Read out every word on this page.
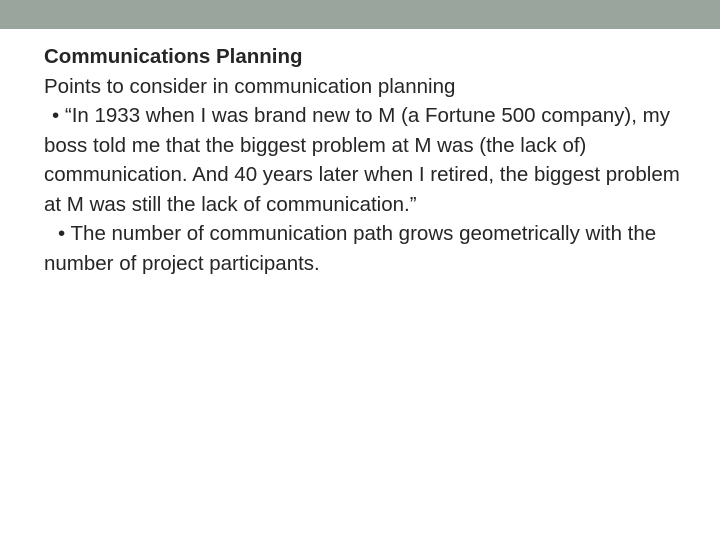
Communications Planning

Points to consider in communication planning

• “In 1933 when I was brand new to M (a Fortune 500 company), my boss told me that the biggest problem at M was (the lack of) communication. And 40 years later when I retired, the biggest problem at M was still the lack of communication.”

• The number of communication path grows geometrically with the number of project participants.
